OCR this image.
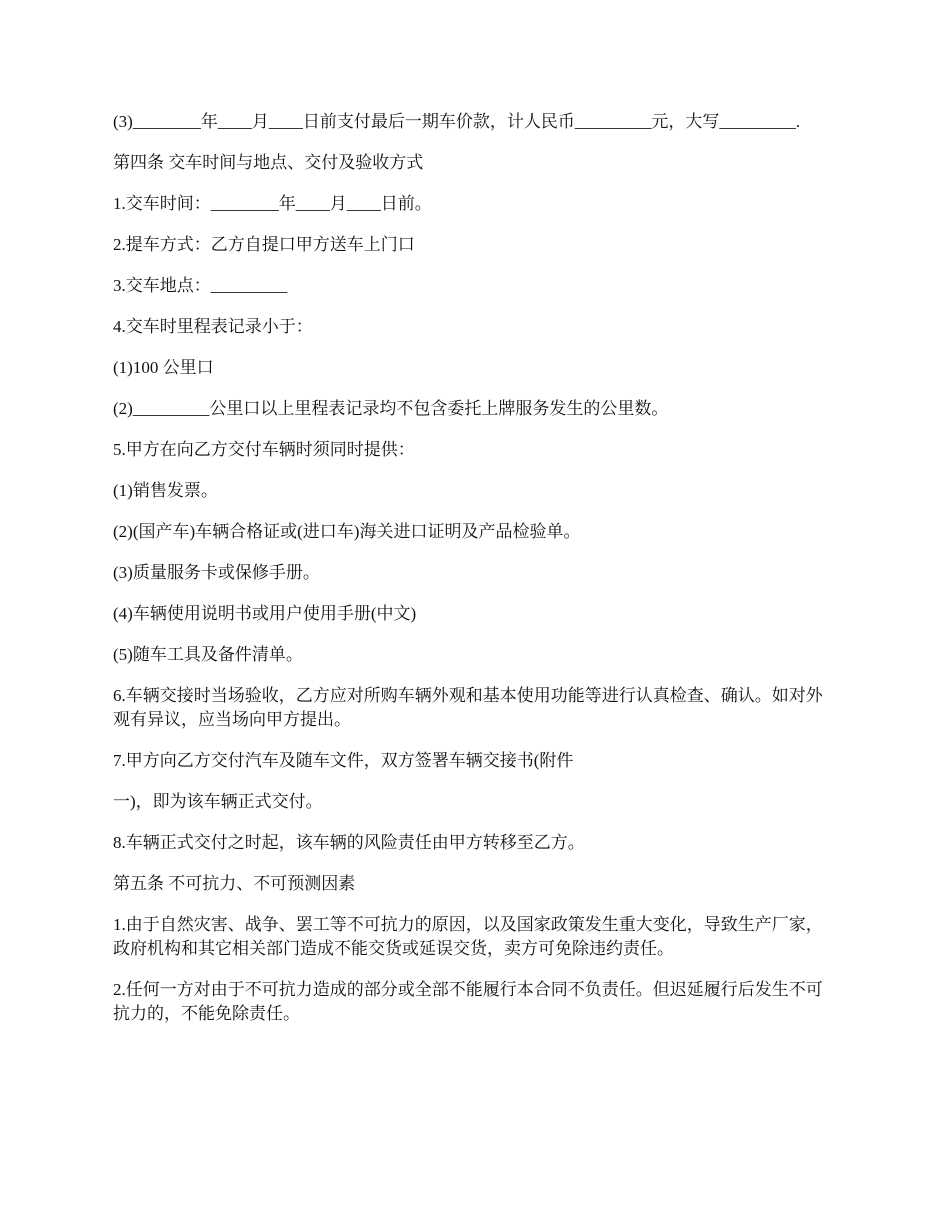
(3)________年____月____日前支付最后一期车价款，计人民币_________元，大写_________.

第四条 交车时间与地点、交付及验收方式

1.交车时间：________年____月____日前。

2.提车方式：乙方自提口甲方送车上门口

3.交车地点：_________

4.交车时里程表记录小于：

(1)100 公里口

(2)_________公里口以上里程表记录均不包含委托上牌服务发生的公里数。

5.甲方在向乙方交付车辆时须同时提供：

(1)销售发票。

(2)(国产车)车辆合格证或(进口车)海关进口证明及产品检验单。

(3)质量服务卡或保修手册。

(4)车辆使用说明书或用户使用手册(中文)

(5)随车工具及备件清单。

6.车辆交接时当场验收，乙方应对所购车辆外观和基本使用功能等进行认真检查、确认。如对外观有异议，应当场向甲方提出。

7.甲方向乙方交付汽车及随车文件，双方签署车辆交接书(附件

一)，即为该车辆正式交付。

8.车辆正式交付之时起，该车辆的风险责任由甲方转移至乙方。

第五条 不可抗力、不可预测因素

1.由于自然灾害、战争、罢工等不可抗力的原因，以及国家政策发生重大变化，导致生产厂家，政府机构和其它相关部门造成不能交货或延误交货，卖方可免除违约责任。

2.任何一方对由于不可抗力造成的部分或全部不能履行本合同不负责任。但迟延履行后发生不可抗力的，不能免除责任。
